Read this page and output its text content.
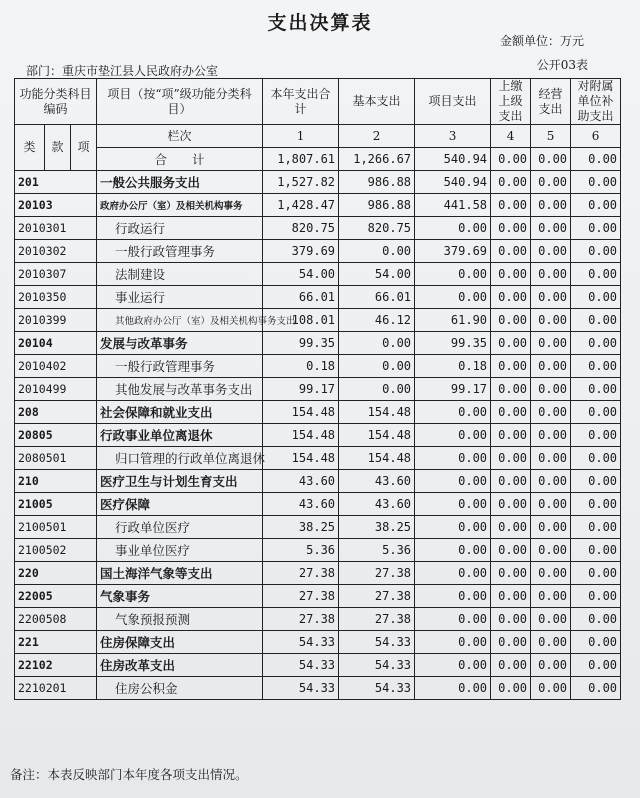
支出决算表
金额单位：万元
公开03表
部门：重庆市垫江县人民政府办公室
功能分类科目编码			项目（按“项”级功能分类科目）	本年支出合计	基本支出	项目支出	上缴上级支出	经营支出	对附属单位补助支出
类	款	项	栏次	1	2	3	4	5	6
			合　　计	1,807.61	1,266.67	540.94	0.00	0.00	0.00
201			一般公共服务支出	1,527.82	986.88	540.94	0.00	0.00	0.00
20103			政府办公厅（室）及相关机构事务	1,428.47	986.88	441.58	0.00	0.00	0.00
2010301			行政运行	820.75	820.75	0.00	0.00	0.00	0.00
2010302			一般行政管理事务	379.69	0.00	379.69	0.00	0.00	0.00
2010307			法制建设	54.00	54.00	0.00	0.00	0.00	0.00
2010350			事业运行	66.01	66.01	0.00	0.00	0.00	0.00
2010399			其他政府办公厅（室）及相关机构事务支出	108.01	46.12	61.90	0.00	0.00	0.00
20104			发展与改革事务	99.35	0.00	99.35	0.00	0.00	0.00
2010402			一般行政管理事务	0.18	0.00	0.18	0.00	0.00	0.00
2010499			其他发展与改革事务支出	99.17	0.00	99.17	0.00	0.00	0.00
208			社会保障和就业支出	154.48	154.48	0.00	0.00	0.00	0.00
20805			行政事业单位离退休	154.48	154.48	0.00	0.00	0.00	0.00
2080501			归口管理的行政单位离退休	154.48	154.48	0.00	0.00	0.00	0.00
210			医疗卫生与计划生育支出	43.60	43.60	0.00	0.00	0.00	0.00
21005			医疗保障	43.60	43.60	0.00	0.00	0.00	0.00
2100501			行政单位医疗	38.25	38.25	0.00	0.00	0.00	0.00
2100502			事业单位医疗	5.36	5.36	0.00	0.00	0.00	0.00
220			国土海洋气象等支出	27.38	27.38	0.00	0.00	0.00	0.00
22005			气象事务	27.38	27.38	0.00	0.00	0.00	0.00
2200508			气象预报预测	27.38	27.38	0.00	0.00	0.00	0.00
221			住房保障支出	54.33	54.33	0.00	0.00	0.00	0.00
22102			住房改革支出	54.33	54.33	0.00	0.00	0.00	0.00
2210201			住房公积金	54.33	54.33	0.00	0.00	0.00	0.00
备注：本表反映部门本年度各项支出情况。
